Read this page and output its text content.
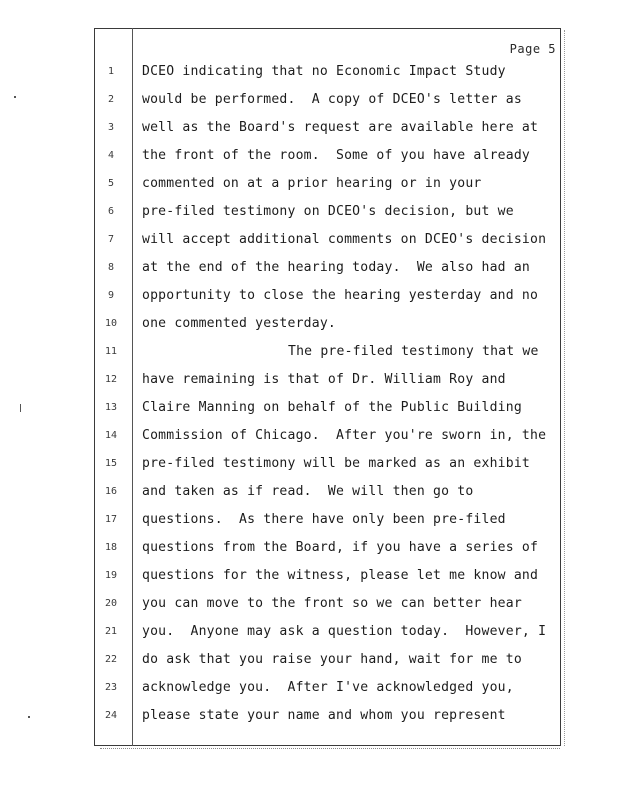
Page 5
1
2
3
4
5
6
7
8
9
10
11
12
13
14
15
16
17
18
19
20
21
22
23
24
DCEO indicating that no Economic Impact Study
would be performed.  A copy of DCEO's letter as
well as the Board's request are available here at
the front of the room.  Some of you have already
commented on at a prior hearing or in your
pre-filed testimony on DCEO's decision, but we
will accept additional comments on DCEO's decision
at the end of the hearing today.  We also had an
opportunity to close the hearing yesterday and no
one commented yesterday.
The pre-filed testimony that we
have remaining is that of Dr. William Roy and
Claire Manning on behalf of the Public Building
Commission of Chicago.  After you're sworn in, the
pre-filed testimony will be marked as an exhibit
and taken as if read.  We will then go to
questions.  As there have only been pre-filed
questions from the Board, if you have a series of
questions for the witness, please let me know and
you can move to the front so we can better hear
you.  Anyone may ask a question today.  However, I
do ask that you raise your hand, wait for me to
acknowledge you.  After I've acknowledged you,
please state your name and whom you represent
